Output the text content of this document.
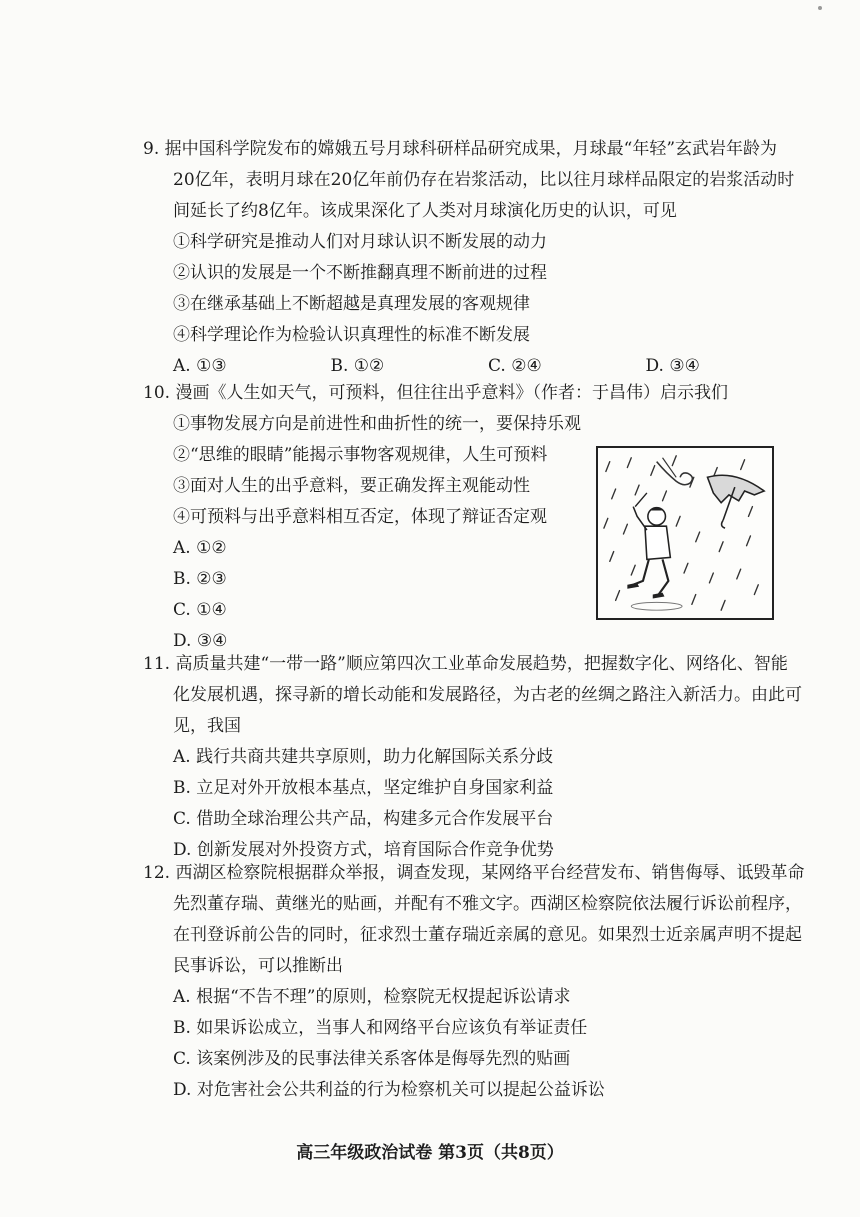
9. 据中国科学院发布的嫦娥五号月球科研样品研究成果，月球最“年轻”玄武岩年龄为
20亿年，表明月球在20亿年前仍存在岩浆活动，比以往月球样品限定的岩浆活动时
间延长了约8亿年。该成果深化了人类对月球演化历史的认识，可见
①科学研究是推动人们对月球认识不断发展的动力
②认识的发展是一个不断推翻真理不断前进的过程
③在继承基础上不断超越是真理发展的客观规律
④科学理论作为检验认识真理性的标准不断发展
A. ①③	B. ①②	C. ②④	D. ③④
10. 漫画《人生如天气，可预料，但往往出乎意料》（作者：于昌伟）启示我们
①事物发展方向是前进性和曲折性的统一，要保持乐观
②“思维的眼睛”能揭示事物客观规律，人生可预料
③面对人生的出乎意料，要正确发挥主观能动性
④可预料与出乎意料相互否定，体现了辩证否定观
A. ①②
B. ②③
C. ①④
D. ③④
11. 高质量共建“一带一路”顺应第四次工业革命发展趋势，把握数字化、网络化、智能
化发展机遇，探寻新的增长动能和发展路径，为古老的丝绸之路注入新活力。由此可
见，我国
A. 践行共商共建共享原则，助力化解国际关系分歧
B. 立足对外开放根本基点，坚定维护自身国家利益
C. 借助全球治理公共产品，构建多元合作发展平台
D. 创新发展对外投资方式，培育国际合作竞争优势
12. 西湖区检察院根据群众举报，调查发现，某网络平台经营发布、销售侮辱、诋毁革命
先烈董存瑞、黄继光的贴画，并配有不雅文字。西湖区检察院依法履行诉讼前程序，
在刊登诉前公告的同时，征求烈士董存瑞近亲属的意见。如果烈士近亲属声明不提起
民事诉讼，可以推断出
A. 根据“不告不理”的原则，检察院无权提起诉讼请求
B. 如果诉讼成立，当事人和网络平台应该负有举证责任
C. 该案例涉及的民事法律关系客体是侮辱先烈的贴画
D. 对危害社会公共利益的行为检察机关可以提起公益诉讼
高三年级政治试卷 第3页（共8页）
